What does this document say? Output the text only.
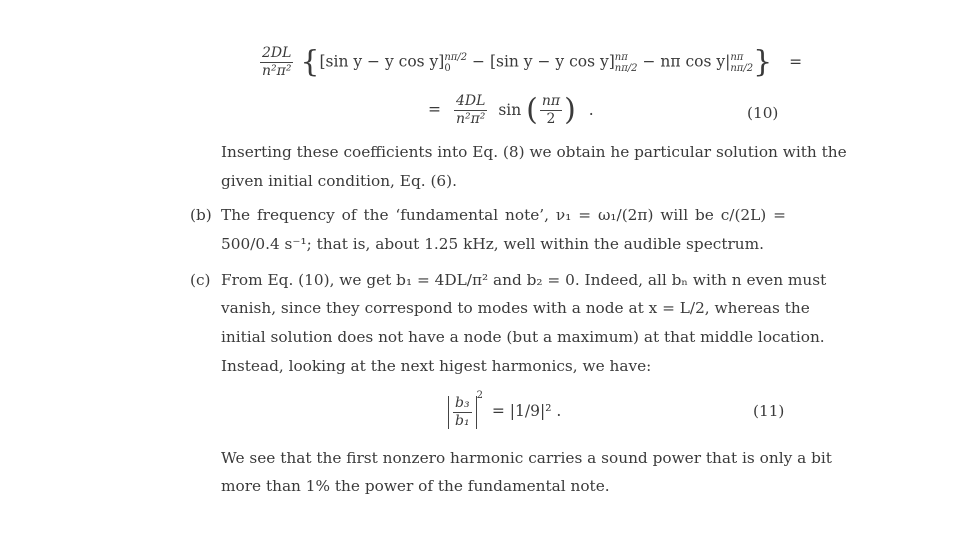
$\frac{2DL}{\text{n²π²}} \{[\sin$ y − y cos y] nπ/2
0	− [sin y − y cos y] nπ
nπ/2 − nπ cos y| nπ
nπ/2 } =
= $\frac{4DL}{\text{n²π²}}$ sin ( $\frac{n\pi}{2}$ ) .	(10)
Inserting these coefficients into Eq. (8) we obtain he particular solution with the
given initial condition, Eq. (6).
(b) The frequency of the ‘fundamental note’, ν₁ = ω₁/(2π) will be c/(2L) =
500/0.4 s⁻¹; that is, about 1.25 kHz, well within the audible spectrum.
(c) From Eq. (10), we get b₁ = 4DL/π² and b₂ = 0. Indeed, all bₙ with n even must
vanish, since they correspond to modes with a node at x = L/2, whereas the
initial solution does not have a node (but a maximum) at that middle location.
Instead, looking at the next higest harmonics, we have:
$\frac{\text{b₃}}{\text{b₁}} ^2 = |1/9|^2$ .	(11)
We see that the first nonzero harmonic carries a sound power that is only a bit
more than 1% the power of the fundamental note.
